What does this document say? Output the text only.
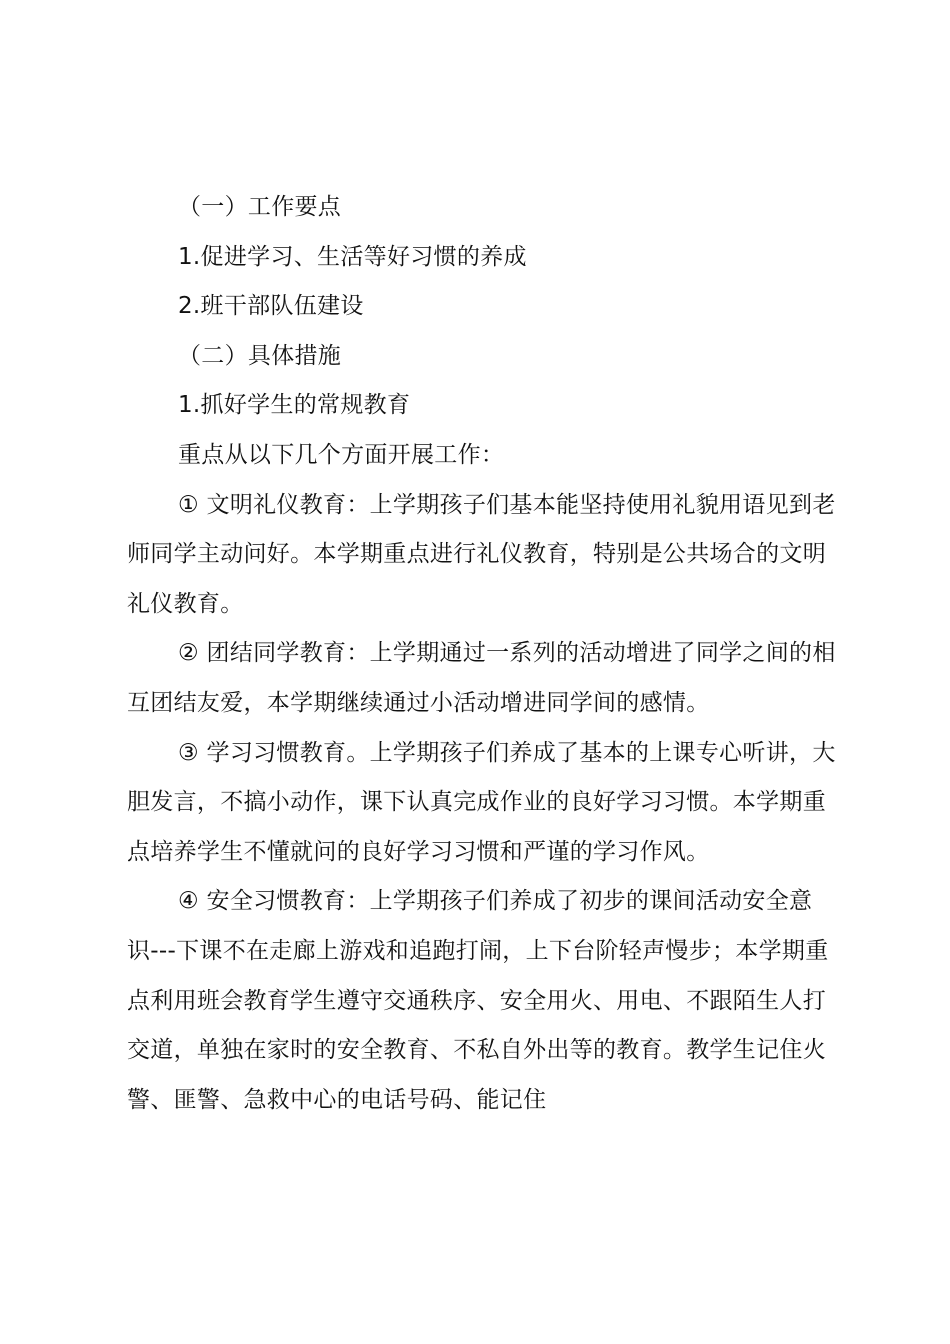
（一）工作要点

1.促进学习、生活等好习惯的养成

2.班干部队伍建设

（二）具体措施

1.抓好学生的常规教育

重点从以下几个方面开展工作：

① 文明礼仪教育：上学期孩子们基本能坚持使用礼貌用语见到老师同学主动问好。本学期重点进行礼仪教育，特别是公共场合的文明礼仪教育。

② 团结同学教育：上学期通过一系列的活动增进了同学之间的相互团结友爱，本学期继续通过小活动增进同学间的感情。

③ 学习习惯教育。上学期孩子们养成了基本的上课专心听讲，大胆发言，不搞小动作，课下认真完成作业的良好学习习惯。本学期重点培养学生不懂就问的良好学习习惯和严谨的学习作风。

④ 安全习惯教育：上学期孩子们养成了初步的课间活动安全意识---下课不在走廊上游戏和追跑打闹，上下台阶轻声慢步；本学期重点利用班会教育学生遵守交通秩序、安全用火、用电、不跟陌生人打交道，单独在家时的安全教育、不私自外出等的教育。教学生记住火警、匪警、急救中心的电话号码、能记住
